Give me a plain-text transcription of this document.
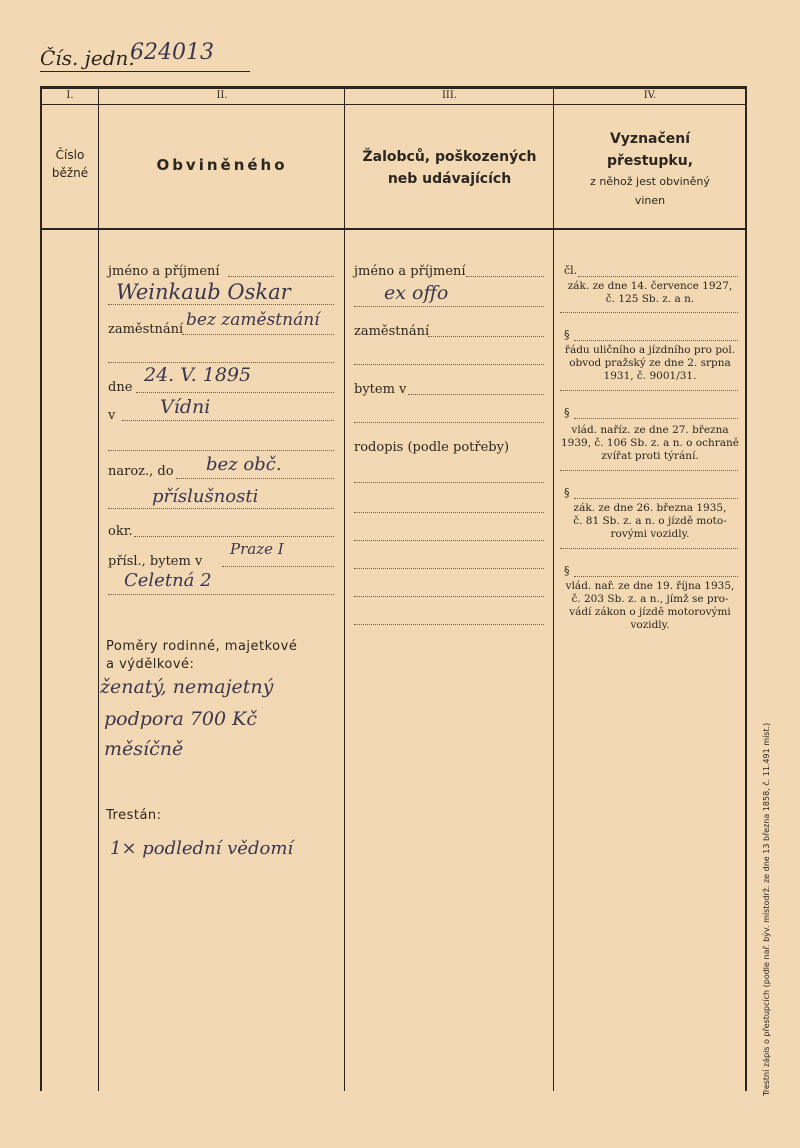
Čís. jedn.
624013
I.
Číslo
běžné
II.
Obviněného
III.
Žalobců, poškozených
neb udávajících
IV.
Vyznačení
přestupku,
z něhož jest obviněný
vinen
jméno a příjmení
Weinkaub Oskar
zaměstnání bez zaměstnání
dne
24. V. 1895
v Vídni
naroz., do bez obč.
příslušnosti
okr.
přísl., bytem v
Praze I
Celetná 2
Poměry rodinné, majetkové
a výdělkové:
ženatý, nemajetný
podpora 700 Kč
měsíčně
Trestán:
1× podlední vědomí
jméno a příjmení
ex offo
zaměstnání
bytem v
rodopis (podle potřeby)
čl.
zák. ze dne 14. července 1927,
č. 125 Sb. z. a n.
§
řádu uličního a jízdního pro pol.
obvod pražský ze dne 2. srpna
1931, č. 9001/31.
§
vlád. naříz. ze dne 27. března
1939, č. 106 Sb. z. a n. o ochraně
zvířat proti týrání.
§
zák. ze dne 26. března 1935,
č. 81 Sb. z. a n. o jízdě moto-
rovými vozidly.
§
vlád. nař. ze dne 19. října 1935,
č. 203 Sb. z. a n., jímž se pro-
vádí zákon o jízdě motorovými
vozidly.
Trestní zápis o přestupcích (podle nař. býv. místodrž. ze dne 13 března 1858, č. 11.491 míst.)
